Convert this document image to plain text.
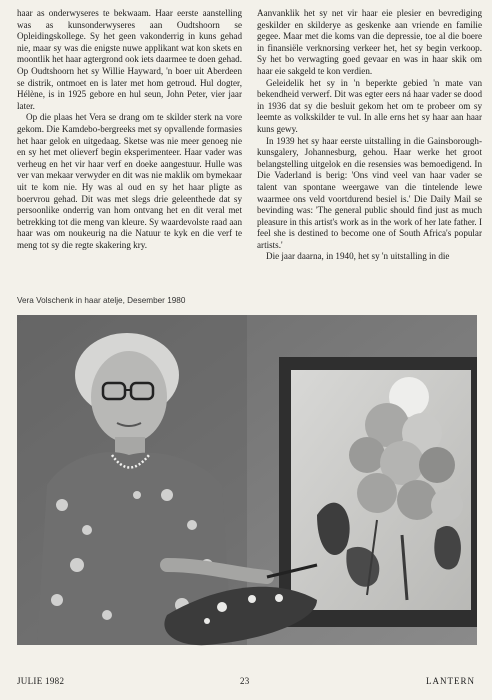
haar as onderwyseres te bekwaam. Haar eerste aanstelling was as kunsonderwyseres aan Oudtshoorn se Opleidingskollege. Sy het geen vakonderrig in kuns gehad nie, maar sy was die enigste nuwe applikant wat kon skets en moontlik het haar agtergrond ook iets daarmee te doen gehad. Op Oudtshoorn het sy Willie Hayward, 'n boer uit Aberdeen se distrik, ontmoet en is later met hom getroud. Hul dogter, Hélène, is in 1925 gebore en hul seun, John Peter, vier jaar later.

Op die plaas het Vera se drang om te skilder sterk na vore gekom. Die Kamdebo-bergreeks met sy opvallende formasies het haar gelok en uitgedaag. Sketse was nie meer genoeg nie en sy het met olieverf begin eksperimenteer. Haar vader was verheug en het vir haar verf en doeke aangestuur. Hulle was ver van mekaar verwyder en dit was nie maklik om bymekaar uit te kom nie. Hy was al oud en sy het haar pligte as boervrou gehad. Dit was met slegs drie geleenthede dat sy persoonlike onderrig van hom ontvang het en dit veral met betrekking tot die meng van kleure. Sy waardevolste raad aan haar was om noukeurig na die Natuur te kyk en die verf te meng tot sy die regte skakering kry.

Aanvanklik het sy net vir haar eie plesier en bevrediging geskilder en skilderye as geskenke aan vriende en familie gegee. Maar met die koms van die depressie, toe al die boere in finansiële verknorsing verkeer het, het sy begin verkoop. Sy het bo verwagting goed gevaar en was in haar skik om haar eie sakgeld te kon verdien.

Geleidelik het sy in 'n beperkte gebied 'n mate van bekendheid verwerf. Dit was egter eers ná haar vader se dood in 1936 dat sy die besluit gekom het om te probeer om sy leemte as volkskilder te vul. In alle erns het sy haar aan haar kuns gewy.

In 1939 het sy haar eerste uitstalling in die Gainsborough-kunsgalery, Johannesburg, gehou. Haar werke het groot belangstelling uitgelok en die resensies was bemoedigend. In Die Vaderland is berig: 'Ons vind veel van haar vader se talent van spontane weergawe van die tintelende lewe waarmee ons veld voortdurend besiel is.' Die Daily Mail se bevinding was: 'The general public should find just as much pleasure in this artist's work as in the work of her late father. I feel she is destined to become one of South Africa's popular artists.'

Die jaar daarna, in 1940, het sy 'n uitstalling in die

Vera Volschenk in haar atelje, Desember 1980
JULIE 1982	23	LANTERN
